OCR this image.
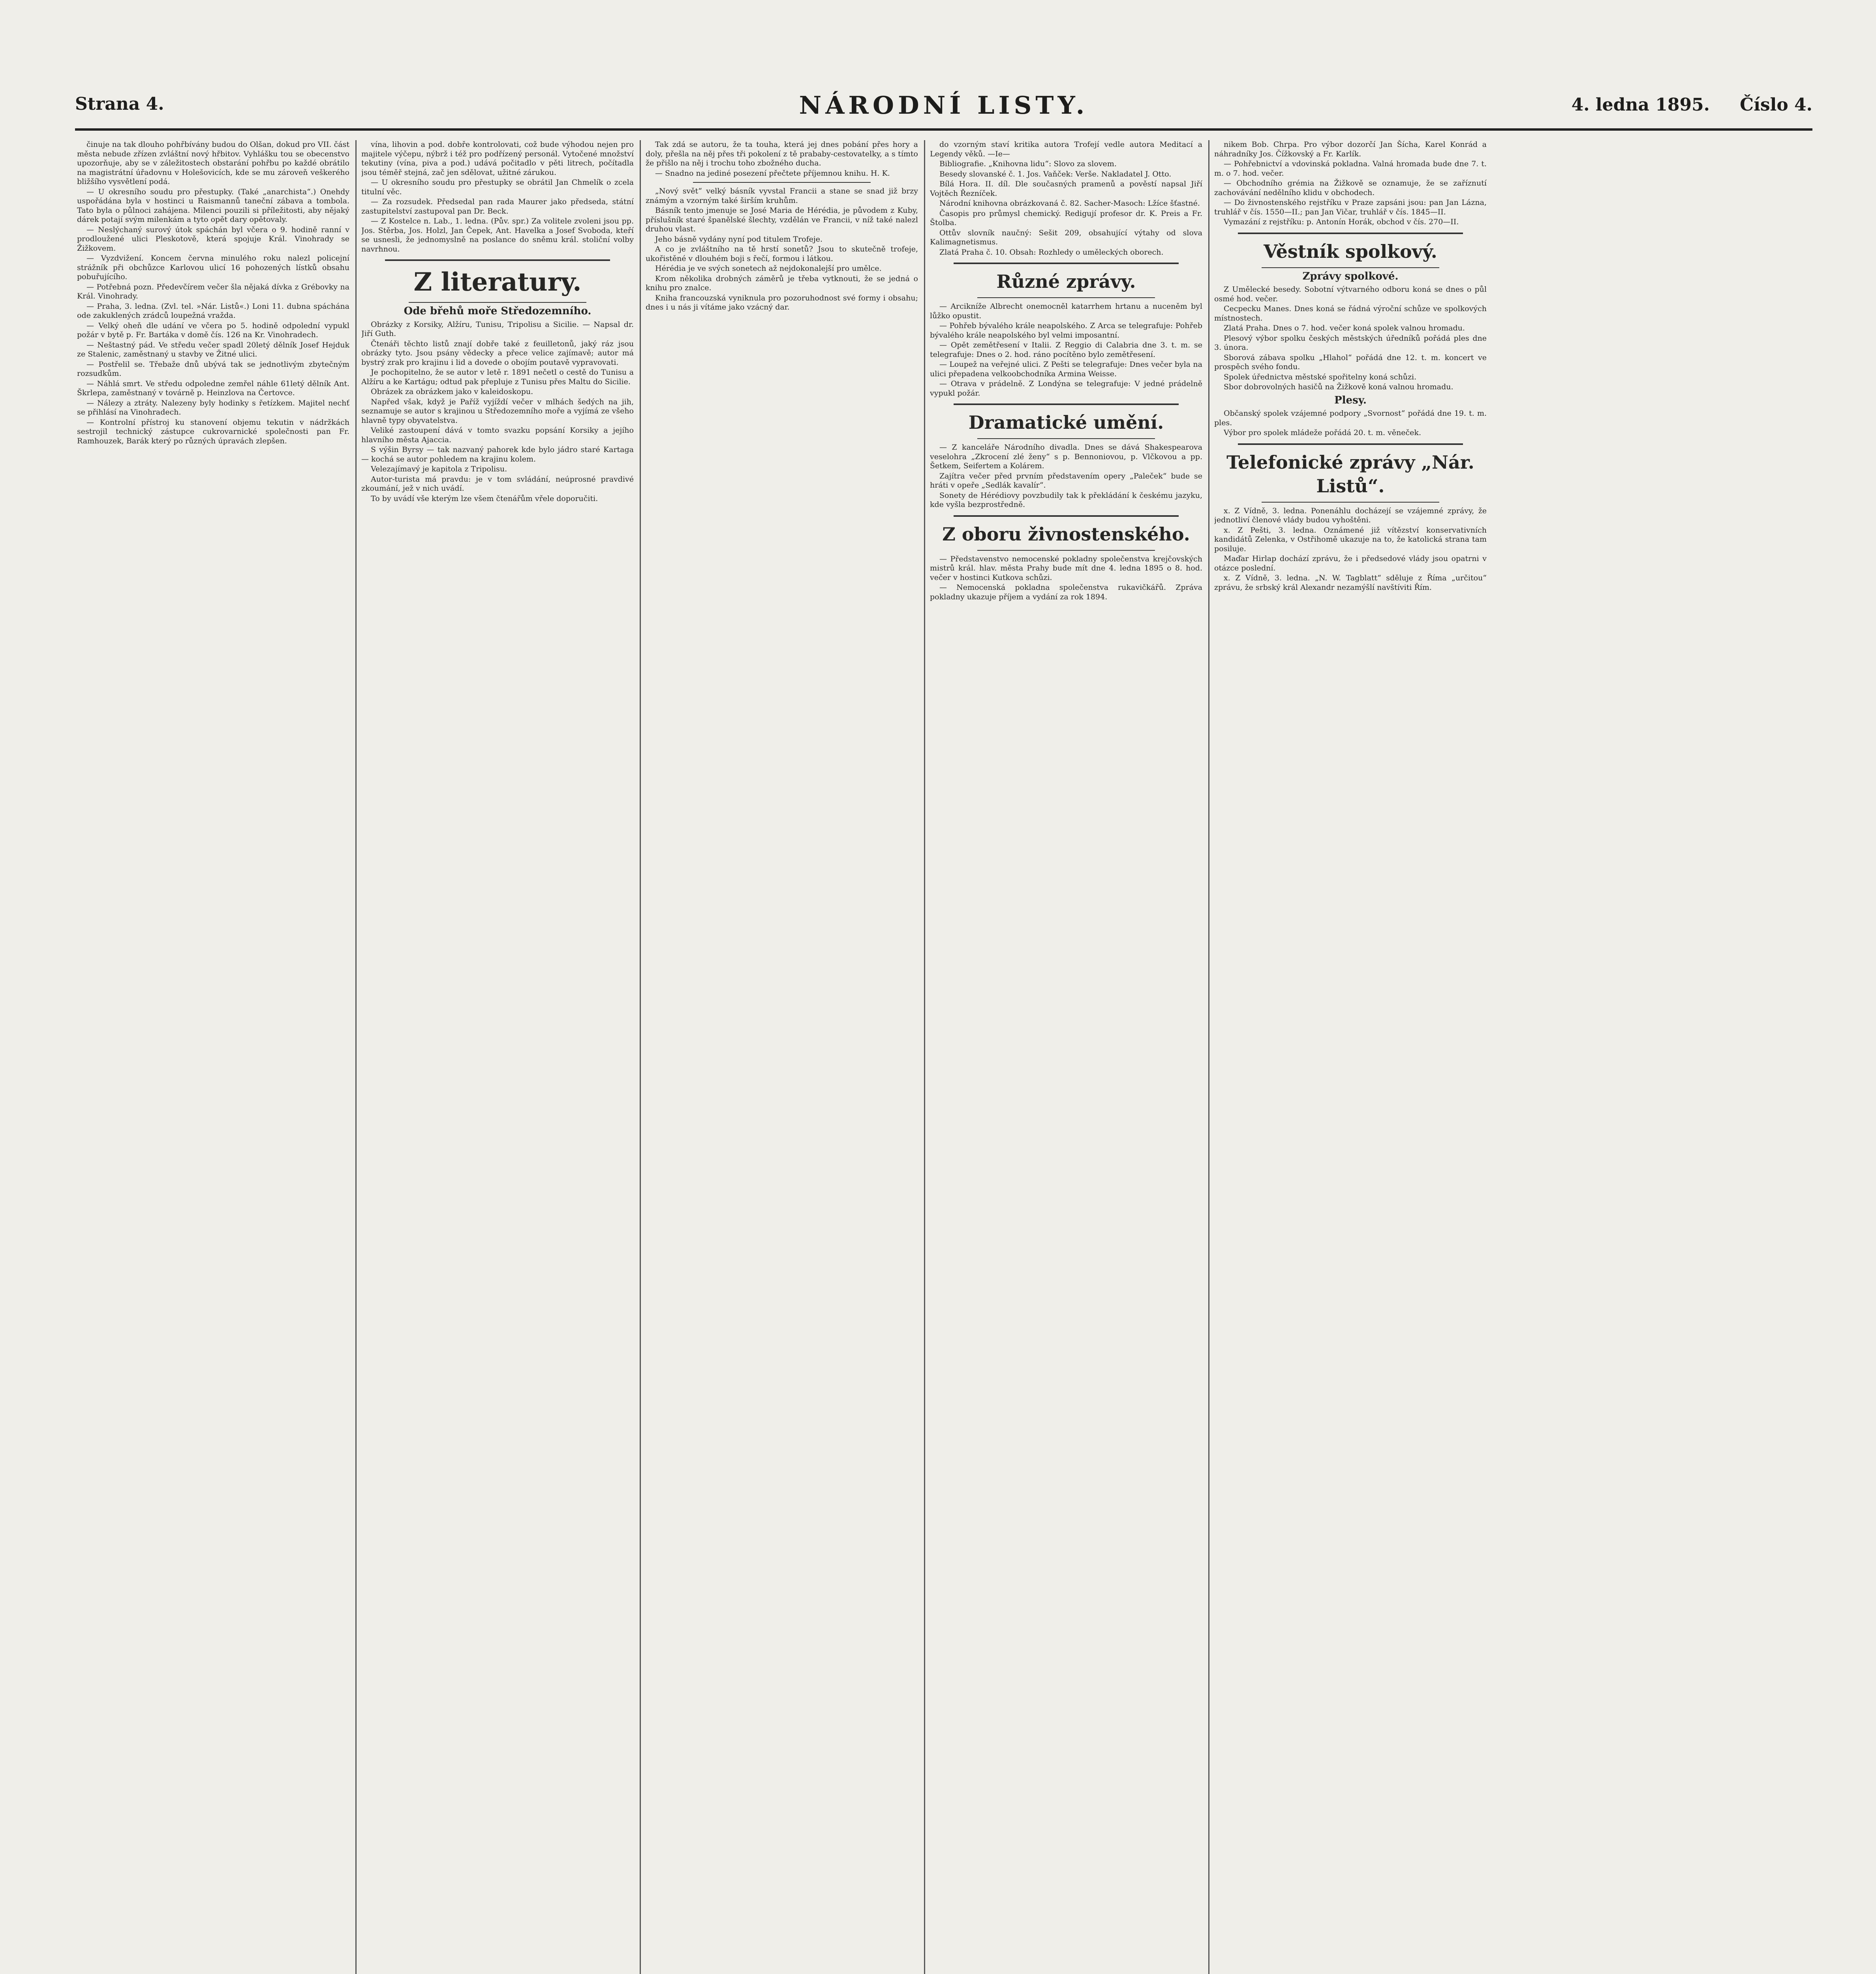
Strana 4.	NÁRODNÍ LISTY.	4. ledna 1895. Číslo 4.

činuje na tak dlouho pohřbívány budou do Olšan, dokud pro VII. část města nebude zřízen zvláštní nový hřbitov. Vyhlášku tou se obecenstvo upozorňuje, aby se v záležitostech obstarání pohřbu po každé obrátilo na magistrátní úřadovnu v Holešovicích, kde se mu zároveň veškerého bližšího vysvětlení podá.

— U okresního soudu pro přestupky. (Také „anarchista“.) Onehdy uspořádána byla v hostinci u Raismannů taneční zábava a tombola. Tato byla o půlnoci zahájena. Milenci pouzili si příležitosti, aby nějaký dárek potají svým milenkám a tyto opět dary opětovaly.

— Neslýchaný surový útok spáchán byl včera o 9. hodině ranní v prodloužené ulici Pleskotově, která spojuje Král. Vinohrady se Žižkovem.

— Vyzdvižení. Koncem června minulého roku nalezl policejní strážník při obchůzce Karlovou ulicí 16 pohozených lístků obsahu pobuřujícího.

— Potřebná pozn. Předevčírem večer šla nějaká dívka z Grébovky na Král. Vinohrady.

— Praha, 3. ledna. (Zvl. tel. »Nár. Listů«.) Loni 11. dubna spáchána ode zakuklených zrádců loupežná vražda.

— Velký oheň dle udání ve včera po 5. hodině odpolední vypukl požár v bytě p. Fr. Bartáka v domě čís. 126 na Kr. Vinohradech.

— Neštastný pád. Ve středu večer spadl 20letý dělník Josef Hejduk ze Stalenic, zaměstnaný u stavby ve Žitné ulici.

— Postřelil se. Třebaže dnů ubývá tak se jednotlivým zbytečným rozsudkům.

— Náhlá smrt. Ve středu odpoledne zemřel náhle 61letý dělník Ant. Škrlepa, zaměstnaný v továrně p. Heinzlova na Čertovce.

— Nálezy a ztráty. Nalezeny byly hodinky s řetízkem. Majitel nechť se přihlásí na Vinohradech.

— Kontrolní přístroj ku stanovení objemu tekutin v nádržkách sestrojil technický zástupce cukrovarnické společnosti pan Fr. Ramhouzek, Barák který po různých úpravách zlepšen.

vína, lihovin a pod. dobře kontrolovati, což bude výhodou nejen pro majitele výčepu, nýbrž i též pro podřízený personál. Vytočené množství tekutiny (vína, piva a pod.) udává počitadlo v pěti litrech, počítadla jsou téměř stejná, zač jen sdělovat, užitné zárukou.

— U okresního soudu pro přestupky se obrátil Jan Chmelík o zcela titulní věc.

— Za rozsudek. Předsedal pan rada Maurer jako předseda, státní zastupitelství zastupoval pan Dr. Beck.

— Z Kostelce n. Lab., 1. ledna. (Pův. spr.) Za volitele zvoleni jsou pp. Jos. Stěrba, Jos. Holzl, Jan Čepek, Ant. Havelka a Josef Svoboda, kteří se usnesli, že jednomyslně na poslance do sněmu král. stoliční volby navrhnou.

Z literatury.
Ode břehů moře Středozemního.

Obrázky z Korsiky, Alžíru, Tunisu, Tripolisu a Sicilie. — Napsal dr. Jiří Guth.

Čtenáři těchto listů znají dobře také z feuilletonů, jaký ráz jsou obrázky tyto. Jsou psány vědecky a přece velice zajímavě; autor má bystrý zrak pro krajinu i lid a dovede o obojím poutavě vypravovati.

Je pochopitelno, že se autor v letě r. 1891 nečetl o cestě do Tunisu a Alžíru a ke Kartágu; odtud pak přepluje z Tunisu přes Maltu do Sicilie.

Obrázek za obrázkem jako v kaleidoskopu.

Napřed však, když je Paříž vyjíždí večer v mlhách šedých na jih, seznamuje se autor s krajinou u Středozemního moře a vyjímá ze všeho hlavně typy obyvatelstva.

Veliké zastoupení dává v tomto svazku popsání Korsiky a jejího hlavního města Ajaccia.

S výšin Byrsy — tak nazvaný pahorek kde bylo jádro staré Kartaga — kochá se autor pohledem na krajinu kolem.

Velezajímavý je kapitola z Tripolisu.

Autor-turista má pravdu: je v tom svládání, neúprosné pravdivé zkoumání, jež v nich uvádí.

To by uvádí vše kterým lze všem čtenářům vřele doporučiti.

Tak zdá se autoru, že ta touha, která jej dnes pobání přes hory a doly, přešla na něj přes tři pokolení z tě prababy-cestovatelky, a s tímto že přišlo na něj i trochu toho zbožného ducha.

— Snadno na jediné posezení přečtete příjemnou knihu. H. K.

„Nový svět“ velký básník vyvstal Francii a stane se snad již brzy známým a vzorným také širším kruhům.

Básník tento jmenuje se José Maria de Hérédia, je původem z Kuby, příslušník staré španělské šlechty, vzdělán ve Francii, v níž také nalezl druhou vlast.

Jeho básně vydány nyní pod titulem Trofeje.

A co je zvláštního na tě hrstí sonetů? Jsou to skutečně trofeje, ukořistěné v dlouhém boji s řečí, formou i látkou.

Hérédia je ve svých sonetech až nejdokonalejší pro umělce.

Krom několika drobných záměrů je třeba vytknouti, že se jedná o knihu pro znalce.

Kniha francouzská vyniknula pro pozoruhodnost své formy i obsahu; dnes i u nás ji vítáme jako vzácný dar.

do vzorným staví kritika autora Trofejí vedle autora Meditací a Legendy věků. —Ie—

Bibliografie. „Knihovna lidu“: Slovo za slovem.

Besedy slovanské č. 1. Jos. Vaňček: Verše. Nakladatel J. Otto.

Bílá Hora. II. díl. Dle současných pramenů a pověstí napsal Jiří Vojtěch Řezníček.

Národní knihovna obrázkovaná č. 82. Sacher-Masoch: Lžíce šťastné.

Časopis pro průmysl chemický. Redigují profesor dr. K. Preis a Fr. Štolba.

Ottův slovník naučný: Sešit 209, obsahující výtahy od slova Kalimagnetismus.

Zlatá Praha č. 10. Obsah: Rozhledy o uměleckých oborech.

Různé zprávy.

— Arcikníže Albrecht onemocněl katarrhem hrtanu a nuceněm byl lůžko opustit.

— Pohřeb bývalého krále neapolského. Z Arca se telegrafuje: Pohřeb bývalého krále neapolského byl velmi imposantní.

— Opět zemětřesení v Italii. Z Reggio di Calabria dne 3. t. m. se telegrafuje: Dnes o 2. hod. ráno pocítěno bylo zemětřesení.

— Loupež na veřejné ulici. Z Pešti se telegrafuje: Dnes večer byla na ulici přepadena velkoobchodníka Armina Weisse.

— Otrava v prádelně. Z Londýna se telegrafuje: V jedné prádelně vypukl požár.

Dramatické umění.

— Z kanceláře Národního divadla. Dnes se dává Shakespearova veselohra „Zkrocení zlé ženy“ s p. Bennoniovou, p. Vlčkovou a pp. Šetkem, Seifertem a Kolárem.

Zajítra večer před prvním představením opery „Paleček“ bude se hráti v opeře „Sedlák kavalír“.

Sonety de Hérédiovy povzbudily tak k překládání k českému jazyku, kde vyšla bezprostředně.

Z oboru živnostenského.

— Představenstvo nemocenské pokladny společenstva krejčovských mistrů král. hlav. města Prahy bude mít dne 4. ledna 1895 o 8. hod. večer v hostinci Kutkova schůzi.

— Nemocenská pokladna společenstva rukavičkářů. Zpráva pokladny ukazuje příjem a vydání za rok 1894.

nikem Bob. Chrpa. Pro výbor dozorčí Jan Šícha, Karel Konrád a náhradníky Jos. Čížkovský a Fr. Karlík.

— Pohřebnictví a vdovinská pokladna. Valná hromada bude dne 7. t. m. o 7. hod. večer.

— Obchodního grémia na Žižkově se oznamuje, že se zaříznutí zachovávání nedělního klidu v obchodech.

— Do živnostenského rejstříku v Praze zapsáni jsou: pan Jan Lázna, truhlář v čís. 1550—II.; pan Jan Vičar, truhlář v čís. 1845—II.

Vymazání z rejstříku: p. Antonín Horák, obchod v čís. 270—II.

Věstník spolkový.
Zprávy spolkové.

Z Umělecké besedy. Sobotní výtvarného odboru koná se dnes o půl osmé hod. večer.

Cecpecku Manes. Dnes koná se řádná výroční schůze ve spolkových místnostech.

Zlatá Praha. Dnes o 7. hod. večer koná spolek valnou hromadu.

Plesový výbor spolku českých městských úředníků pořádá ples dne 3. února.

Sborová zábava spolku „Hlahol“ pořádá dne 12. t. m. koncert ve prospěch svého fondu.

Spolek úřednictva městské spořitelny koná schůzi.

Sbor dobrovolných hasičů na Žižkově koná valnou hromadu.

Plesy.

Občanský spolek vzájemné podpory „Svornost“ pořádá dne 19. t. m. ples.

Výbor pro spolek mládeže pořádá 20. t. m. věneček.

Telefonické zprávy „Nár. Listů“.

x. Z Vídně, 3. ledna. Ponenáhlu docházejí se vzájemné zprávy, že jednotliví členové vlády budou vyhoštěni.

x. Z Pešti, 3. ledna. Oznámené již vítězství konservativních kandidátů Zelenka, v Ostřihomě ukazuje na to, že katolická strana tam posiluje.

Maďar Hirlap dochází zprávu, že i předsedové vlády jsou opatrni v otázce poslední.

x. Z Vídně, 3. ledna. „N. W. Tagblatt“ sděluje z Říma „určitou“ zprávu, že srbský král Alexandr nezamýšlí navštíviti Řím.
